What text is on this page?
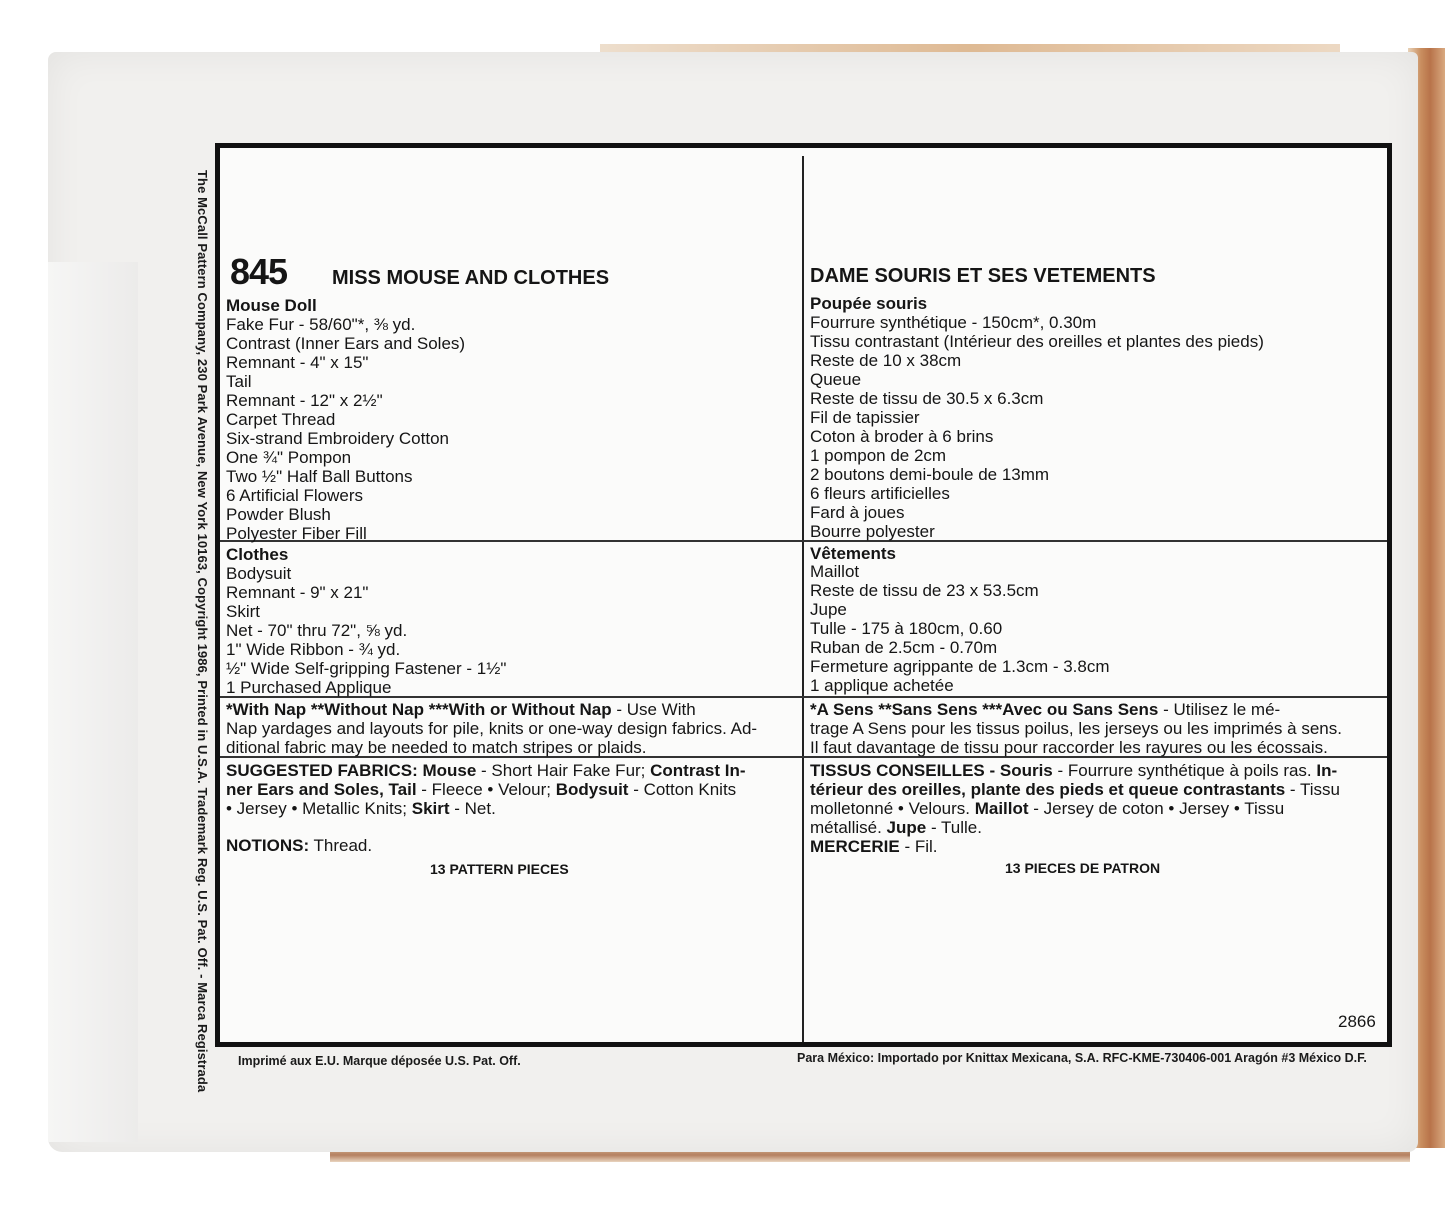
The McCall Pattern Company, 230 Park Avenue, New York 10163, Copyright 1986, Printed in U.S.A. Trademark Reg. U.S. Pat. Off. - Marca Registrada 845 MISS MOUSE AND CLOTHES
Mouse Doll
Fake Fur - 58/60"*, ⅜ yd.
Contrast (Inner Ears and Soles)
Remnant - 4" x 15"
Tail
Remnant - 12" x 2½"
Carpet Thread
Six-strand Embroidery Cotton
One ¾" Pompon
Two ½" Half Ball Buttons
6 Artificial Flowers
Powder Blush
Polyester Fiber Fill
Clothes
Bodysuit
Remnant - 9" x 21"
Skirt
Net - 70" thru 72", ⅝ yd.
1" Wide Ribbon - ¾ yd.
½" Wide Self-gripping Fastener - 1½"
1 Purchased Applique
*With Nap **Without Nap ***With or Without Nap - Use With
Nap yardages and layouts for pile, knits or one-way design fabrics. Ad-
ditional fabric may be needed to match stripes or plaids.
SUGGESTED FABRICS: Mouse - Short Hair Fake Fur; Contrast In-
ner Ears and Soles, Tail - Fleece • Velour; Bodysuit - Cotton Knits
• Jersey • Metallic Knits; Skirt - Net.
NOTIONS: Thread.
13 PATTERN PIECES
DAME SOURIS ET SES VETEMENTS
Poupée souris
Fourrure synthétique - 150cm*, 0.30m
Tissu contrastant (Intérieur des oreilles et plantes des pieds)
Reste de 10 x 38cm
Queue
Reste de tissu de 30.5 x 6.3cm
Fil de tapissier
Coton à broder à 6 brins
1 pompon de 2cm
2 boutons demi-boule de 13mm
6 fleurs artificielles
Fard à joues
Bourre polyester
Vêtements
Maillot
Reste de tissu de 23 x 53.5cm
Jupe
Tulle - 175 à 180cm, 0.60
Ruban de 2.5cm - 0.70m
Fermeture agrippante de 1.3cm - 3.8cm
1 applique achetée
*A Sens **Sans Sens ***Avec ou Sans Sens - Utilisez le mé-
trage A Sens pour les tissus poilus, les jerseys ou les imprimés à sens.
Il faut davantage de tissu pour raccorder les rayures ou les écossais.
TISSUS CONSEILLES - Souris - Fourrure synthétique à poils ras. In-
térieur des oreilles, plante des pieds et queue contrastants - Tissu
molletonné • Velours. Maillot - Jersey de coton • Jersey • Tissu
métallisé. Jupe - Tulle.
MERCERIE - Fil.
13 PIECES DE PATRON
2866
Imprimé aux E.U. Marque déposée U.S. Pat. Off.	Para México: Importado por Knittax Mexicana, S.A. RFC-KME-730406-001 Aragón #3 México D.F.
